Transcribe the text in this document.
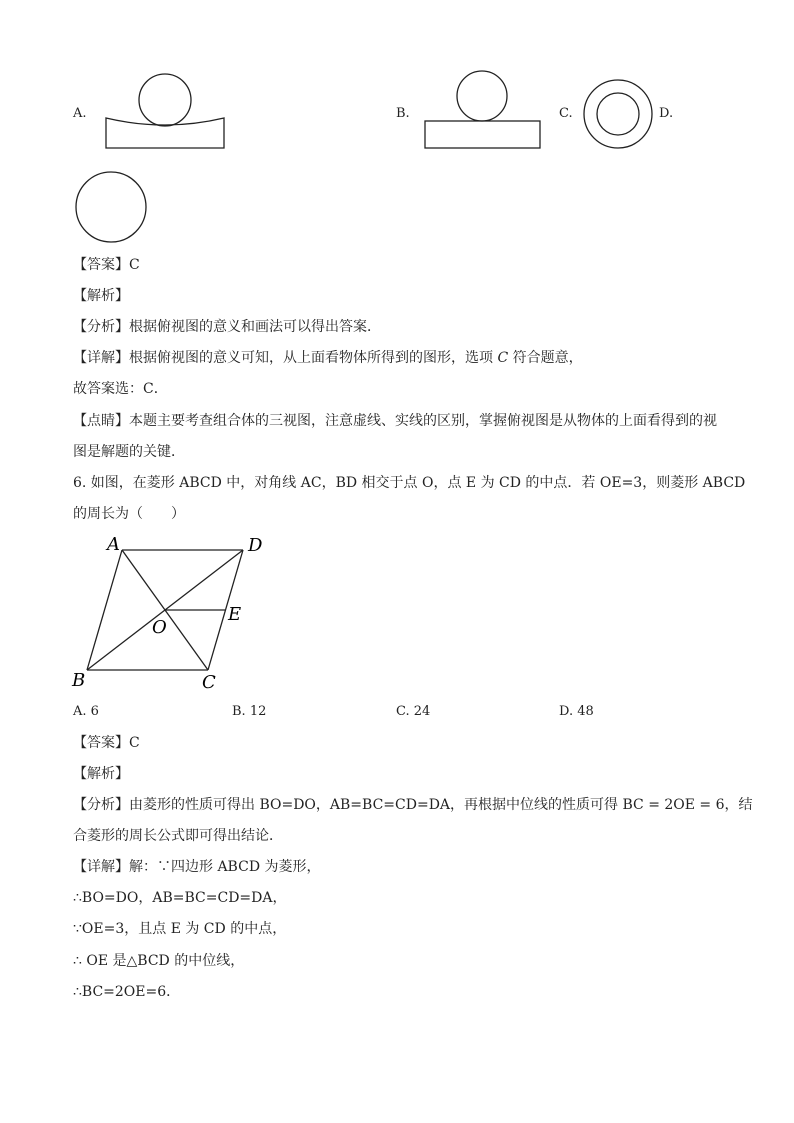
A.	B.	C.	D.
【答案】C
【解析】
【分析】根据俯视图的意义和画法可以得出答案．
【详解】根据俯视图的意义可知，从上面看物体所得到的图形，选项 C 符合题意，
故答案选：C．
【点睛】本题主要考查组合体的三视图，注意虚线、实线的区别，掌握俯视图是从物体的上面看得到的视
图是解题的关键．
6. 如图，在菱形 ABCD 中，对角线 AC，BD 相交于点 O，点 E 为 CD 的中点．若 OE=3，则菱形 ABCD
的周长为（　　）
A	D
E
O
B	C
A. 6	B. 12	C. 24	D. 48
【答案】C
【解析】
【分析】由菱形的性质可得出 BO=DO，AB=BC=CD=DA，再根据中位线的性质可得 BC = 2OE = 6，结
合菱形的周长公式即可得出结论．
【详解】解：∵四边形 ABCD 为菱形，
∴BO=DO，AB=BC=CD=DA，
∵OE=3，且点 E 为 CD 的中点，
∴ OE 是△BCD 的中位线，
∴BC=2OE=6．
